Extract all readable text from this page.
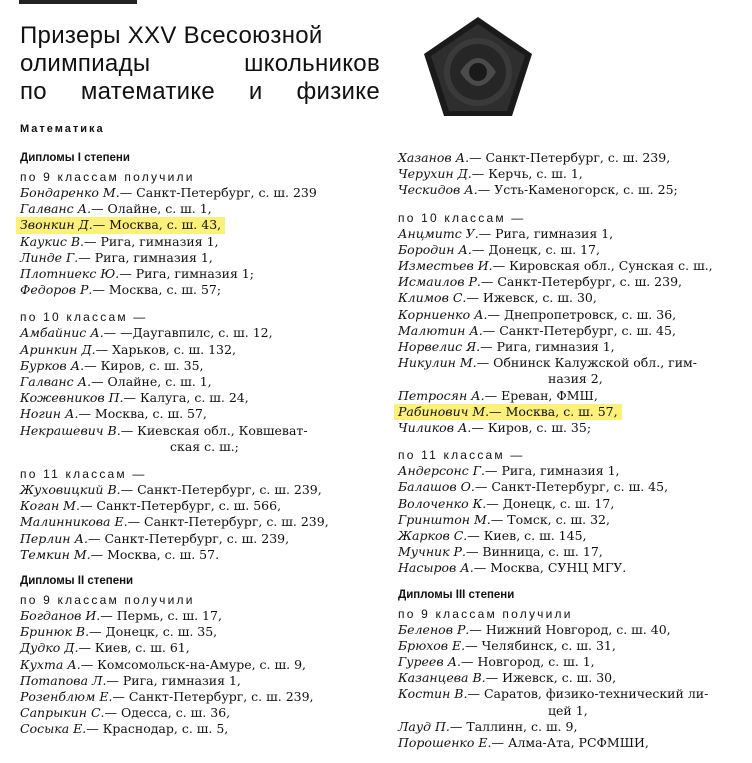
Призеры XXV Всесоюзной
олимпиады	школьников
по математике и физике
Математика
Дипломы I степени
по 9 классам получили
Бондаренко М.— Санкт-Петербург, с. ш. 239
Галванс А.— Олайне, с. ш. 1,
Звонкин Д.— Москва, с. ш. 43,
Каукис В.— Рига, гимназия 1,
Линде Г.— Рига, гимназия 1,
Плотниекс Ю.— Рига, гимназия 1;
Федоров Р.— Москва, с. ш. 57;
по 10 классам —
Амбайнис А.— —Даугавпилс, с. ш. 12,
Аринкин Д.— Харьков, с. ш. 132,
Бурков А.— Киров, с. ш. 35,
Галванс А.— Олайне, с. ш. 1,
Кожевников П.— Калуга, с. ш. 24,
Ногин А.— Москва, с. ш. 57,
Некрашевич В.— Киевская обл., Ковшеват-
ская с. ш.;
по 11 классам —
Жуховицкий В.— Санкт-Петербург, с. ш. 239,
Коган М.— Санкт-Петербург, с. ш. 566,
Малинникова Е.— Санкт-Петербург, с. ш. 239,
Перлин А.— Санкт-Петербург, с. ш. 239,
Темкин М.— Москва, с. ш. 57.
Дипломы II степени
по 9 классам получили
Богданов И.— Пермь, с. ш. 17,
Бринюк В.— Донецк, с. ш. 35,
Дудко Д.— Киев, с. ш. 61,
Кухта А.— Комсомольск-на-Амуре, с. ш. 9,
Потапова Л.— Рига, гимназия 1,
Розенблюм Е.— Санкт-Петербург, с. ш. 239,
Сапрыкин С.— Одесса, с. ш. 36,
Сосыка Е.— Краснодар, с. ш. 5,
Хазанов А.— Санкт-Петербург, с. ш. 239,
Черухин Д.— Керчь, с. ш. 1,
Ческидов А.— Усть-Каменогорск, с. ш. 25;
по 10 классам —
Анцмитс У.— Рига, гимназия 1,
Бородин А.— Донецк, с. ш. 17,
Изместьев И.— Кировская обл., Сунская с. ш.,
Исмаилов Р.— Санкт-Петербург, с. ш. 239,
Климов С.— Ижевск, с. ш. 30,
Корниенко А.— Днепропетровск, с. ш. 36,
Малютин А.— Санкт-Петербург, с. ш. 45,
Норвелис Я.— Рига, гимназия 1,
Никулин М.— Обнинск Калужской обл., гим-
назия 2,
Петросян А.— Ереван, ФМШ,
Рабинович М.— Москва, с. ш. 57,
Чиликов А.— Киров, с. ш. 35;
по 11 классам —
Андерсонс Г.— Рига, гимназия 1,
Балашов О.— Санкт-Петербург, с. ш. 45,
Волоченко К.— Донецк, с. ш. 17,
Гринштон М.— Томск, с. ш. 32,
Жарков С.— Киев, с. ш. 145,
Мучник Р.— Винница, с. ш. 17,
Насыров А.— Москва, СУНЦ МГУ.
Дипломы III степени
по 9 классам получили
Беленов Р.— Нижний Новгород, с. ш. 40,
Брюхов Е.— Челябинск, с. ш. 31,
Гуреев А.— Новгород, с. ш. 1,
Казанцева В.— Ижевск, с. ш. 30,
Костин В.— Саратов, физико-технический ли-
цей 1,
Лауд П.— Таллинн, с. ш. 9,
Порошенко Е.— Алма-Ата, РСФМШИ,
